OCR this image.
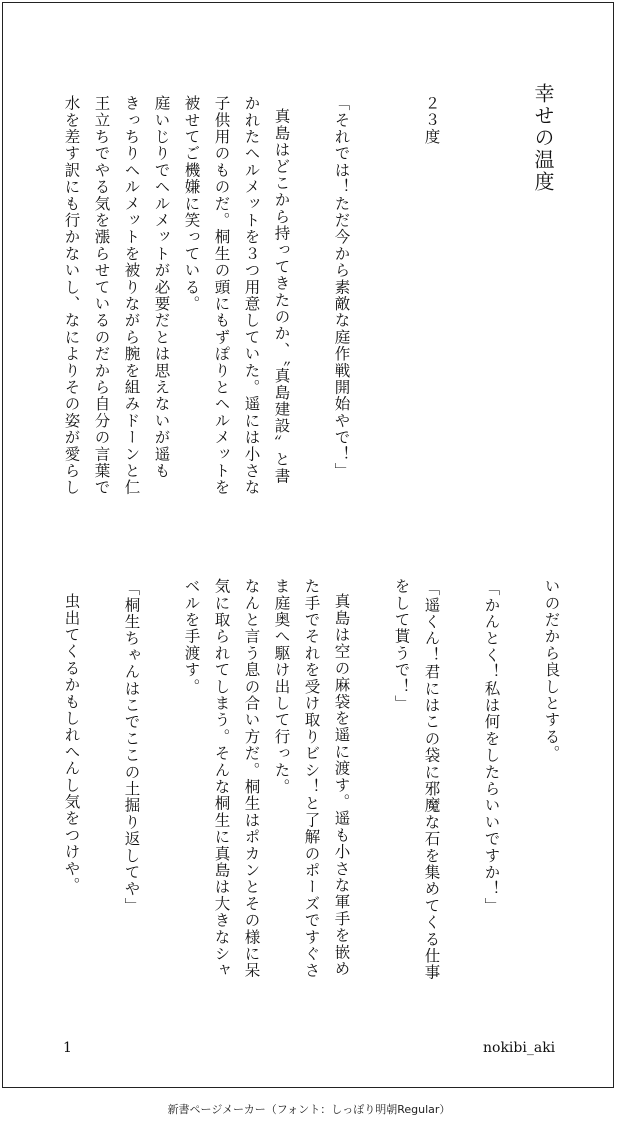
幸せの温度
２３度
「それでは！ただ今から素敵な庭作戦開始やで！」
真島はどこから持ってきたのか、〝真島建設〟と書
かれたヘルメットを３つ用意していた。遥には小さな
子供用のものだ。桐生の頭にもずぽりとヘルメットを
被せてご機嫌に笑っている。
庭いじりでヘルメットが必要だとは思えないが遥も
きっちりヘルメットを被りながら腕を組みドーンと仁
王立ちでやる気を漲らせているのだから自分の言葉で
水を差す訳にも行かないし、なによりその姿が愛らし
いのだから良しとする。
「かんとく！私は何をしたらいいですか！」
「遥くん！君にはこの袋に邪魔な石を集めてくる仕事
をして貰うで！」
真島は空の麻袋を遥に渡す。遥も小さな軍手を嵌め
た手でそれを受け取りビシ！と了解のポーズですぐさ
ま庭奥へ駆け出して行った。
なんと言う息の合い方だ。桐生はポカンとその様に呆
気に取られてしまう。そんな桐生に真島は大きなシャ
ベルを手渡す。
「桐生ちゃんはこでここの土掘り返してや」
虫出てくるかもしれへんし気をつけや。
1	nokibi_aki
新書ページメーカー（フォント：しっぽり明朝Regular）
